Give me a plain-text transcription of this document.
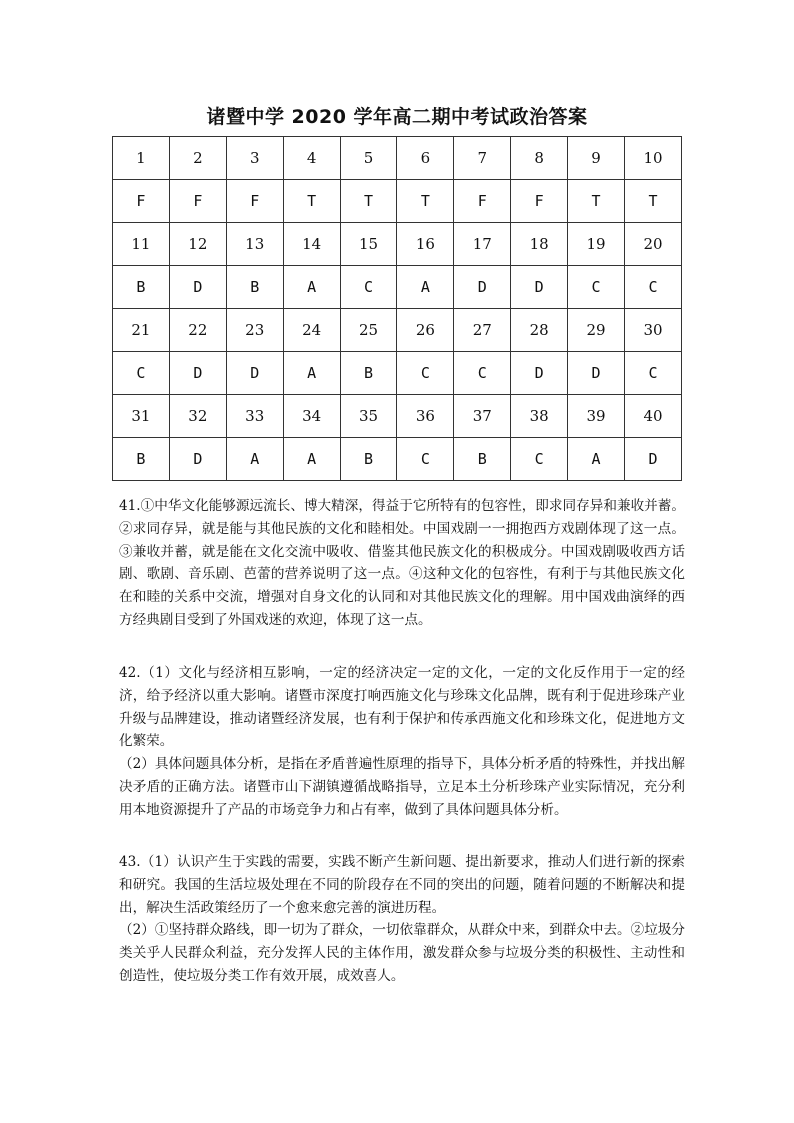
诸暨中学 2020 学年高二期中考试政治答案
1	2	3	4	5	6	7	8	9	10
F	F	F	T	T	T	F	F	T	T
11	12	13	14	15	16	17	18	19	20
B	D	B	A	C	A	D	D	C	C
21	22	23	24	25	26	27	28	29	30
C	D	D	A	B	C	C	D	D	C
31	32	33	34	35	36	37	38	39	40
B	D	A	A	B	C	B	C	A	D

41.①中华文化能够源远流长、博大精深，得益于它所特有的包容性，即求同存异和兼收并蓄。②求同存异，就是能与其他民族的文化和睦相处。中国戏剧一一拥抱西方戏剧体现了这一点。③兼收并蓄，就是能在文化交流中吸收、借鉴其他民族文化的积极成分。中国戏剧吸收西方话剧、歌剧、音乐剧、芭蕾的营养说明了这一点。④这种文化的包容性，有利于与其他民族文化在和睦的关系中交流，增强对自身文化的认同和对其他民族文化的理解。用中国戏曲演绎的西方经典剧目受到了外国戏迷的欢迎，体现了这一点。

42.（1）文化与经济相互影响，一定的经济决定一定的文化，一定的文化反作用于一定的经济，给予经济以重大影响。诸暨市深度打响西施文化与珍珠文化品牌，既有利于促进珍珠产业升级与品牌建设，推动诸暨经济发展，也有利于保护和传承西施文化和珍珠文化，促进地方文化繁荣。

（2）具体问题具体分析，是指在矛盾普遍性原理的指导下，具体分析矛盾的特殊性，并找出解决矛盾的正确方法。诸暨市山下湖镇遵循战略指导，立足本土分析珍珠产业实际情况，充分利用本地资源提升了产品的市场竞争力和占有率，做到了具体问题具体分析。

43.（1）认识产生于实践的需要，实践不断产生新问题、提出新要求，推动人们进行新的探索和研究。我国的生活垃圾处理在不同的阶段存在不同的突出的问题，随着问题的不断解决和提出，解决生活政策经历了一个愈来愈完善的演进历程。

（2）①坚持群众路线，即一切为了群众，一切依靠群众，从群众中来，到群众中去。②垃圾分类关乎人民群众利益，充分发挥人民的主体作用，激发群众参与垃圾分类的积极性、主动性和创造性，使垃圾分类工作有效开展，成效喜人。
